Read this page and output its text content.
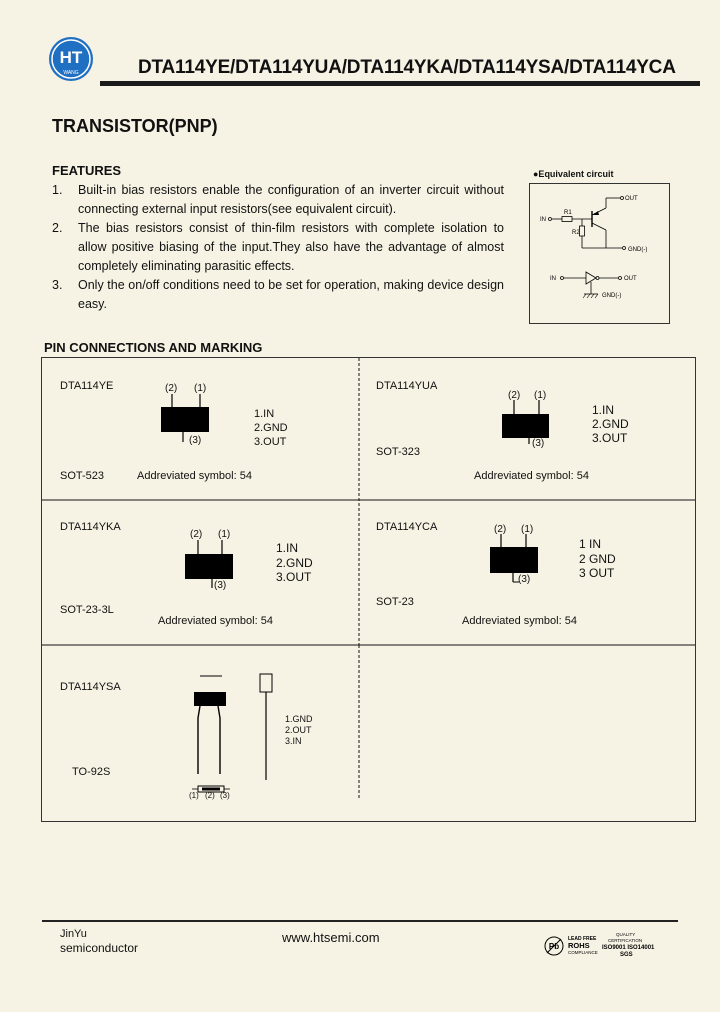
HT
WANG	DTA114YE/DTA114YUA/DTA114YKA/DTA114YSA/DTA114YCA
TRANSISTOR(PNP)
FEATURES
1.	Built-in bias resistors enable the configuration of an inverter circuit without connecting external input resistors(see equivalent circuit).
2.	The bias resistors consist of thin-film resistors with complete isolation to allow positive biasing of the input.They also have the advantage of almost completely eliminating parasitic effects.
3.	Only the on/off conditions need to be set for operation, making device design easy.
●Equivalent circuit
IN
R1
R2
OUT
GND(-)
IN	OUT
GND(-)
PIN CONNECTIONS AND MARKING
DTA114YE	(2) (1)
(3)
1.IN
2.GND
3.OUT
SOT-523	Addreviated symbol: 54
DTA114YUA
(2) (1)
(3)
1.IN
2.GND
3.OUT
SOT-323
Addreviated symbol: 54
DTA114YKA
(2) (1)
(3)
1.IN
2.GND
3.OUT
SOT-23-3L
Addreviated symbol: 54
DTA114YCA	(2) (1)
(3)
1 IN
2 GND
3 OUT
SOT-23
Addreviated symbol: 54
DTA114YSA
1.GND
2.OUT
3.IN
TO-92S
(1) (2) (3)
JinYu
semiconductor
www.htsemi.com
Pb
LEAD FREE
ROHS
COMPLIANCE
QUALITY
CERTIFICATION
ISO9001 ISO14001
SGS
